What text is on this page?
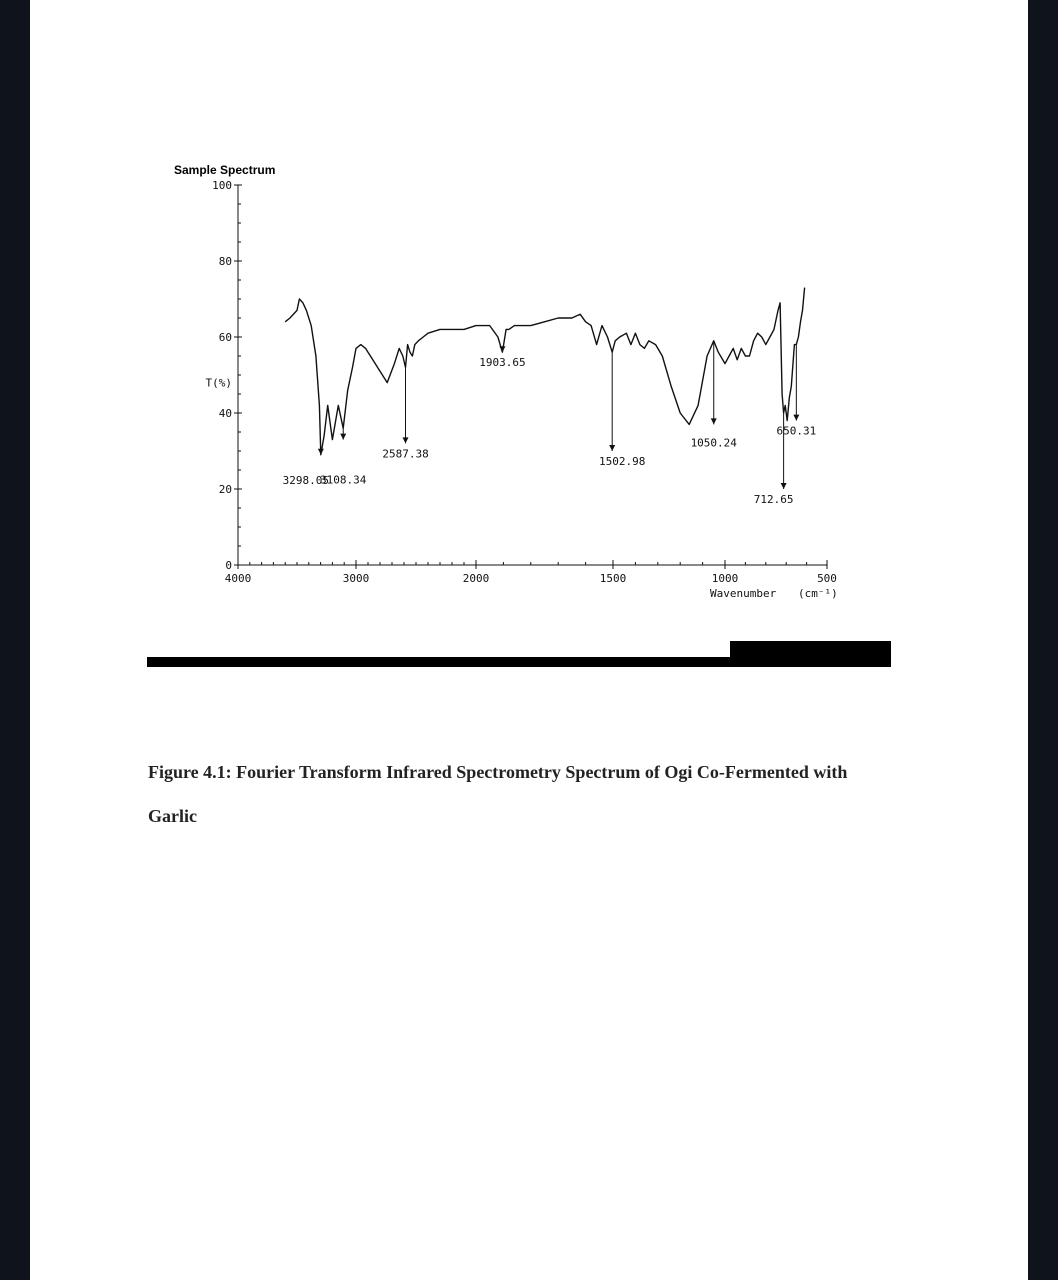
Sample Spectrum
0
20
40
60
80
100
T(%)
4000	3000	2000	1500	1000	500
3298.05
3108.34
2587.38
1903.65
1502.98
1050.24
712.65
650.31
Wavenumber (cm⁻¹)
Figure 4.1: Fourier Transform Infrared Spectrometry Spectrum of Ogi Co-Fermented with
Garlic
